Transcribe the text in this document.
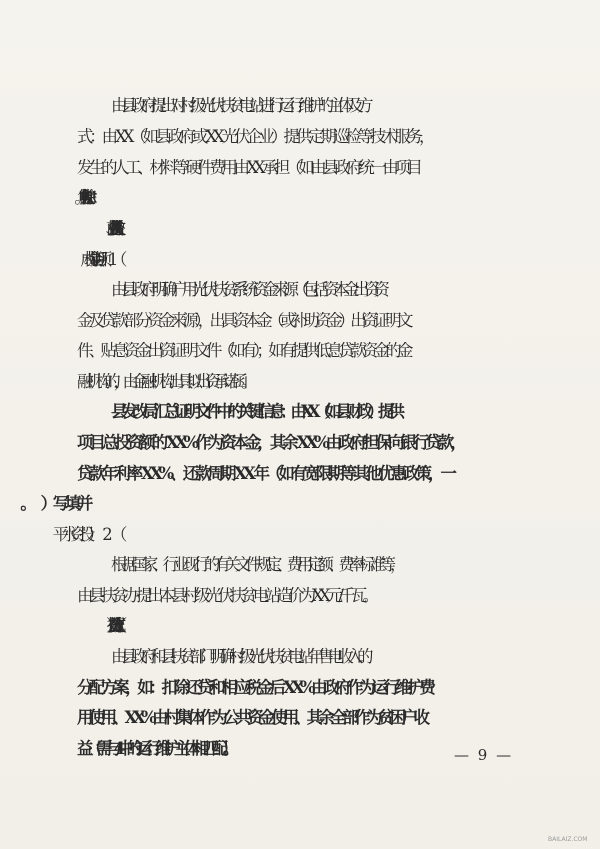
由县政府提出对村级光伏扶贫电站进行运行维护的主体及方
式：由 XX（如县政府或 XX 光伏企业）提供定期巡检等技术服务，
发生的人工、材料等硬件费用由 XX 承担（如由县政府统一由项目
由县政府明确户用光伏扶贫系统资金来源（包括资本金出资资
金及贷款部分资金来源），出具资本金（或补助资金）出资证明文
件、贴息资金出资证明文件（如有）；如有提供低息贷款资金的金
融机构的，由金融机构出具拟出资承诺函。
县发改局汇总证明文件中的关键信息：由 XX（如县财政）提供
项目总投资额的 XX%作为资本金，其余 XX%由政府担保向银行贷款，
贷款年利率 XX%、还款周期 XX 年（如有宽限期等其他优惠政策，一
根据国家、行业现行的有关文件规定、费用定额、费率标准等，
由县扶贫办提出本县村级光伏扶贫电站造价为 XX 元/千瓦。
由县政府和县扶贫部门明确村级光伏扶贫电站年售电收入的
分配方案，如：扣除还贷和相应税金后 XX%由政府作为运行维护费
用使用、XX%由村集体作为公共资金使用、其余全部作为贫困户收
益（需与 4 中的运行维护主体相匹配）。	— 9 —
BAILAIZ.COM
